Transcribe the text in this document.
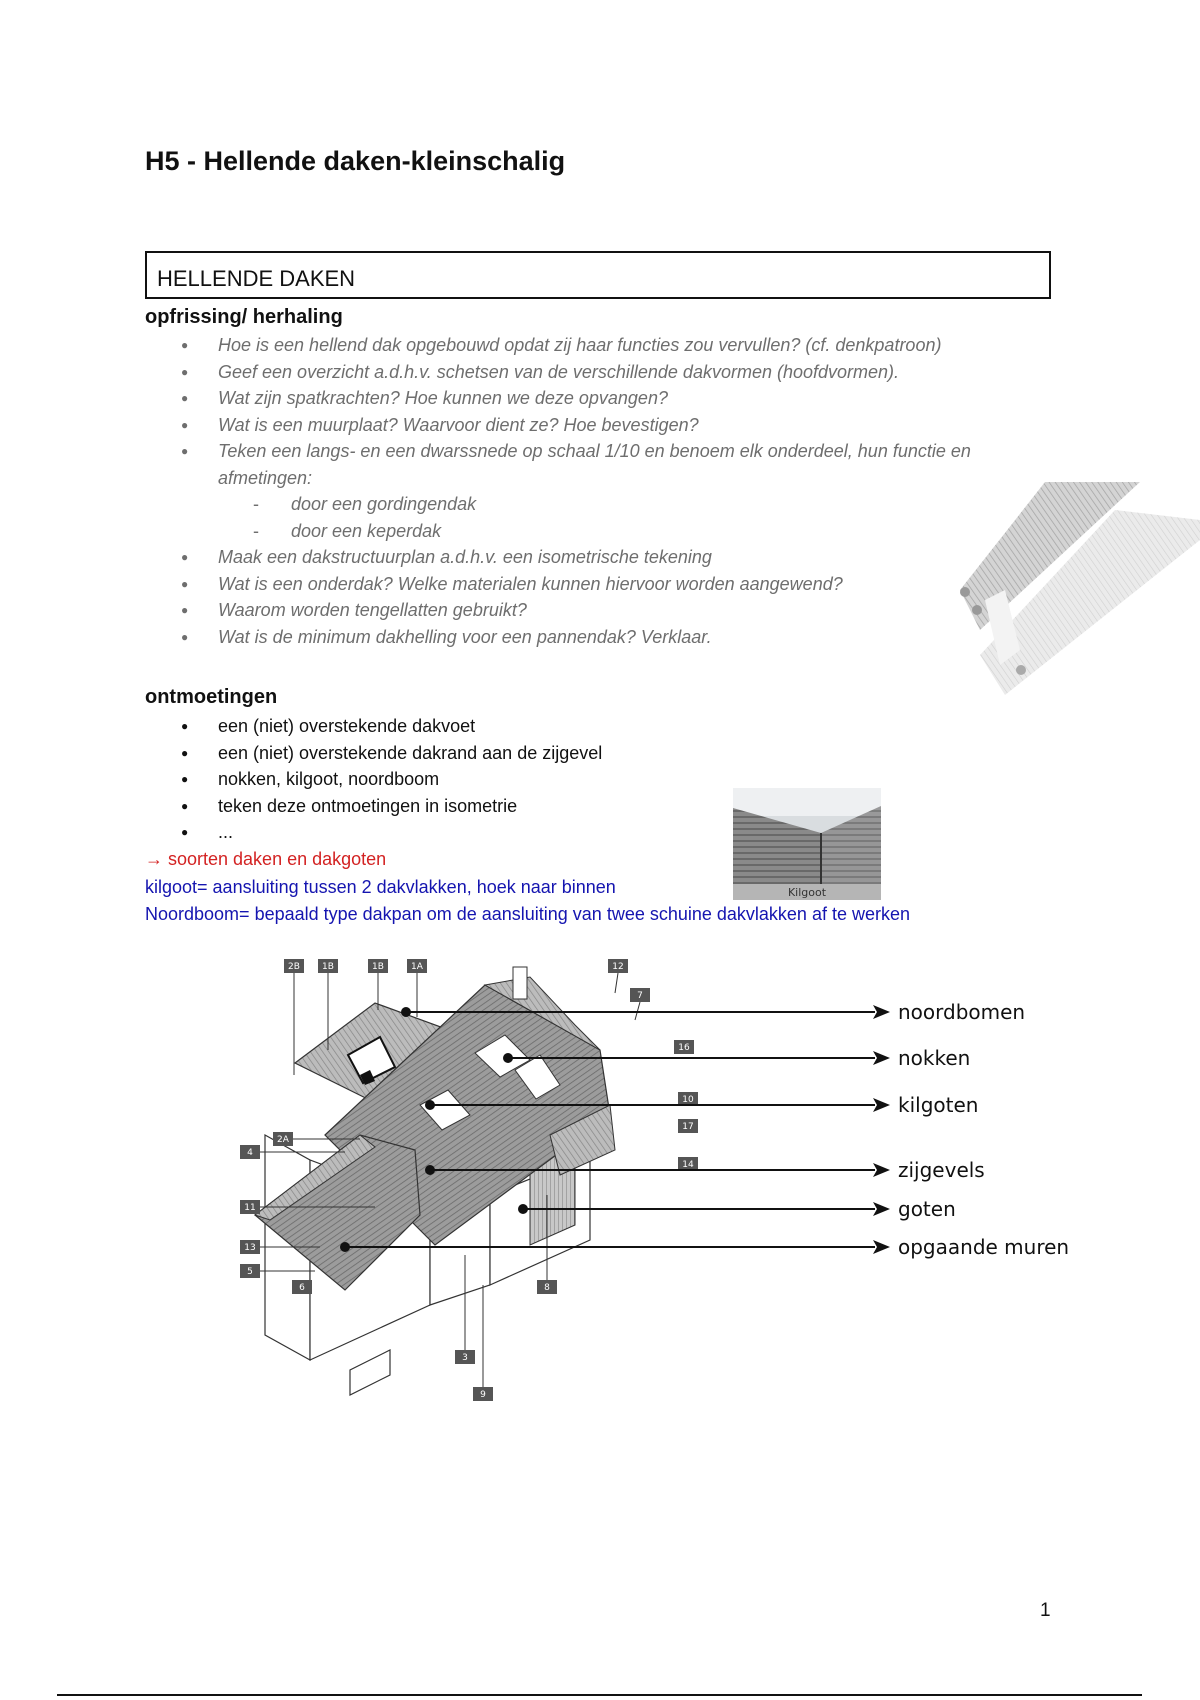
H5 - Hellende daken-kleinschalig
HELLENDE DAKEN
opfrissing/ herhaling
● Hoe is een hellend dak opgebouwd opdat zij haar functies zou vervullen? (cf. denkpatroon)
● Geef een overzicht a.d.h.v. schetsen van de verschillende dakvormen (hoofdvormen).
● Wat zijn spatkrachten? Hoe kunnen we deze opvangen?
● Wat is een muurplaat? Waarvoor dient ze? Hoe bevestigen?
● Teken een langs- en een dwarssnede op schaal 1/10 en benoem elk onderdeel, hun functie en afmetingen:
- door een gordingendak
- door een keperdak
● Maak een dakstructuurplan a.d.h.v. een isometrische tekening
● Wat is een onderdak? Welke materialen kunnen hiervoor worden aangewend?
● Waarom worden tengellatten gebruikt?
● Wat is de minimum dakhelling voor een pannendak? Verklaar.
ontmoetingen
● een (niet) overstekende dakvoet
● een (niet) overstekende dakrand aan de zijgevel
● nokken, kilgoot, noordboom
● teken deze ontmoetingen in isometrie
● ...
→ soorten daken en dakgoten
kilgoot= aansluiting tussen 2 dakvlakken, hoek naar binnen
Noordboom= bepaald type dakpan om de aansluiting van twee schuine dakvlakken af te werken
Kilgoot
2B 1B	1B	1A	12
7
16
10
17
14
4
2A
11
13
5
6	8
3
9
noordbomen
nokken
kilgoten
zijgevels
goten
opgaande muren
1
